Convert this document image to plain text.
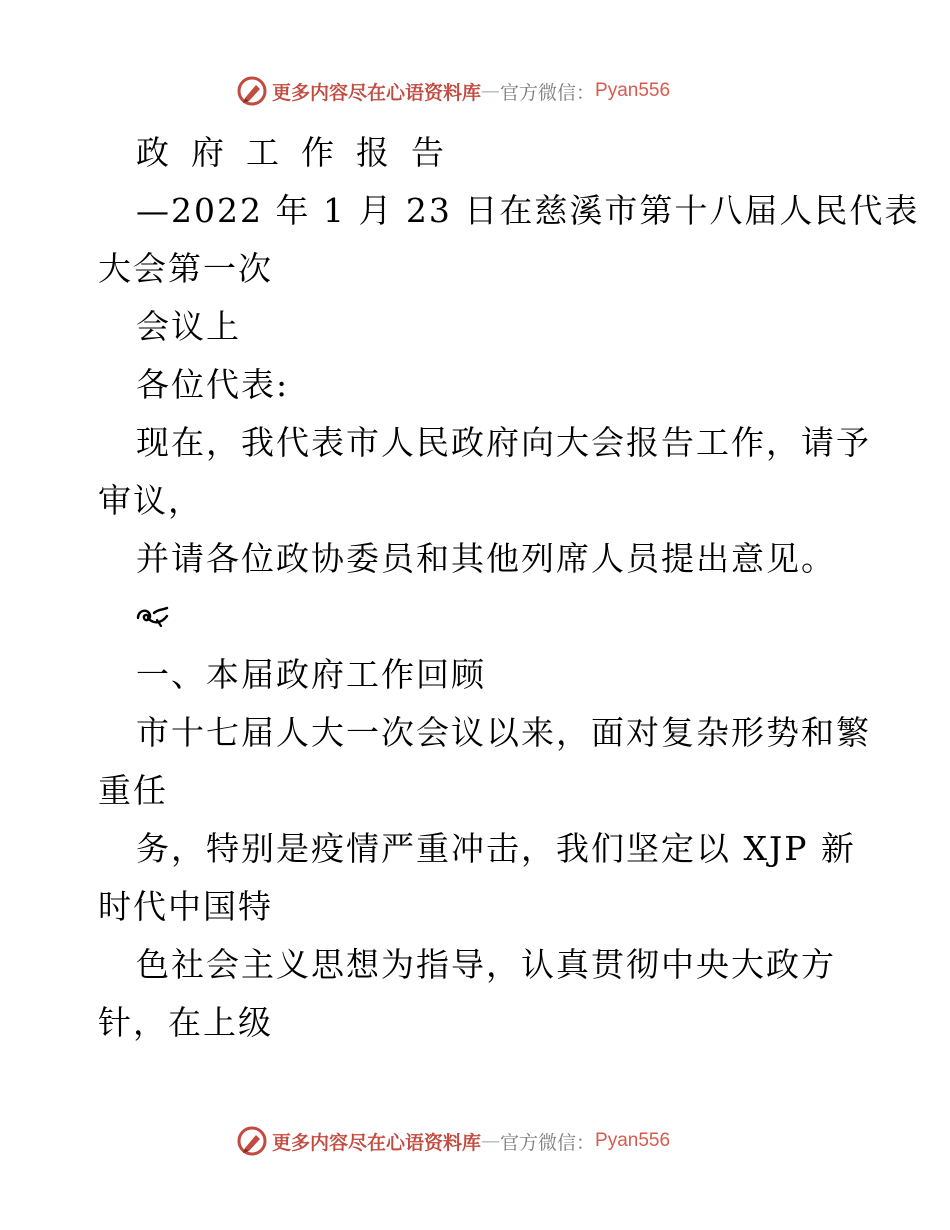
更多内容尽在心语资料库 — 官方微信： Pyan556
政府工作报告
—2022 年 1 月 23 日在慈溪市第十八届人民代表
大会第一次
会议上
各位代表:
现在，我代表市人民政府向大会报告工作，请予
审议，
并请各位政协委员和其他列席人员提出意见。
一、本届政府工作回顾
市十七届人大一次会议以来，面对复杂形势和繁
重任
务，特别是疫情严重冲击，我们坚定以 XJP 新
时代中国特
色社会主义思想为指导，认真贯彻中央大政方
针，在上级
更多内容尽在心语资料库 — 官方微信： Pyan556
